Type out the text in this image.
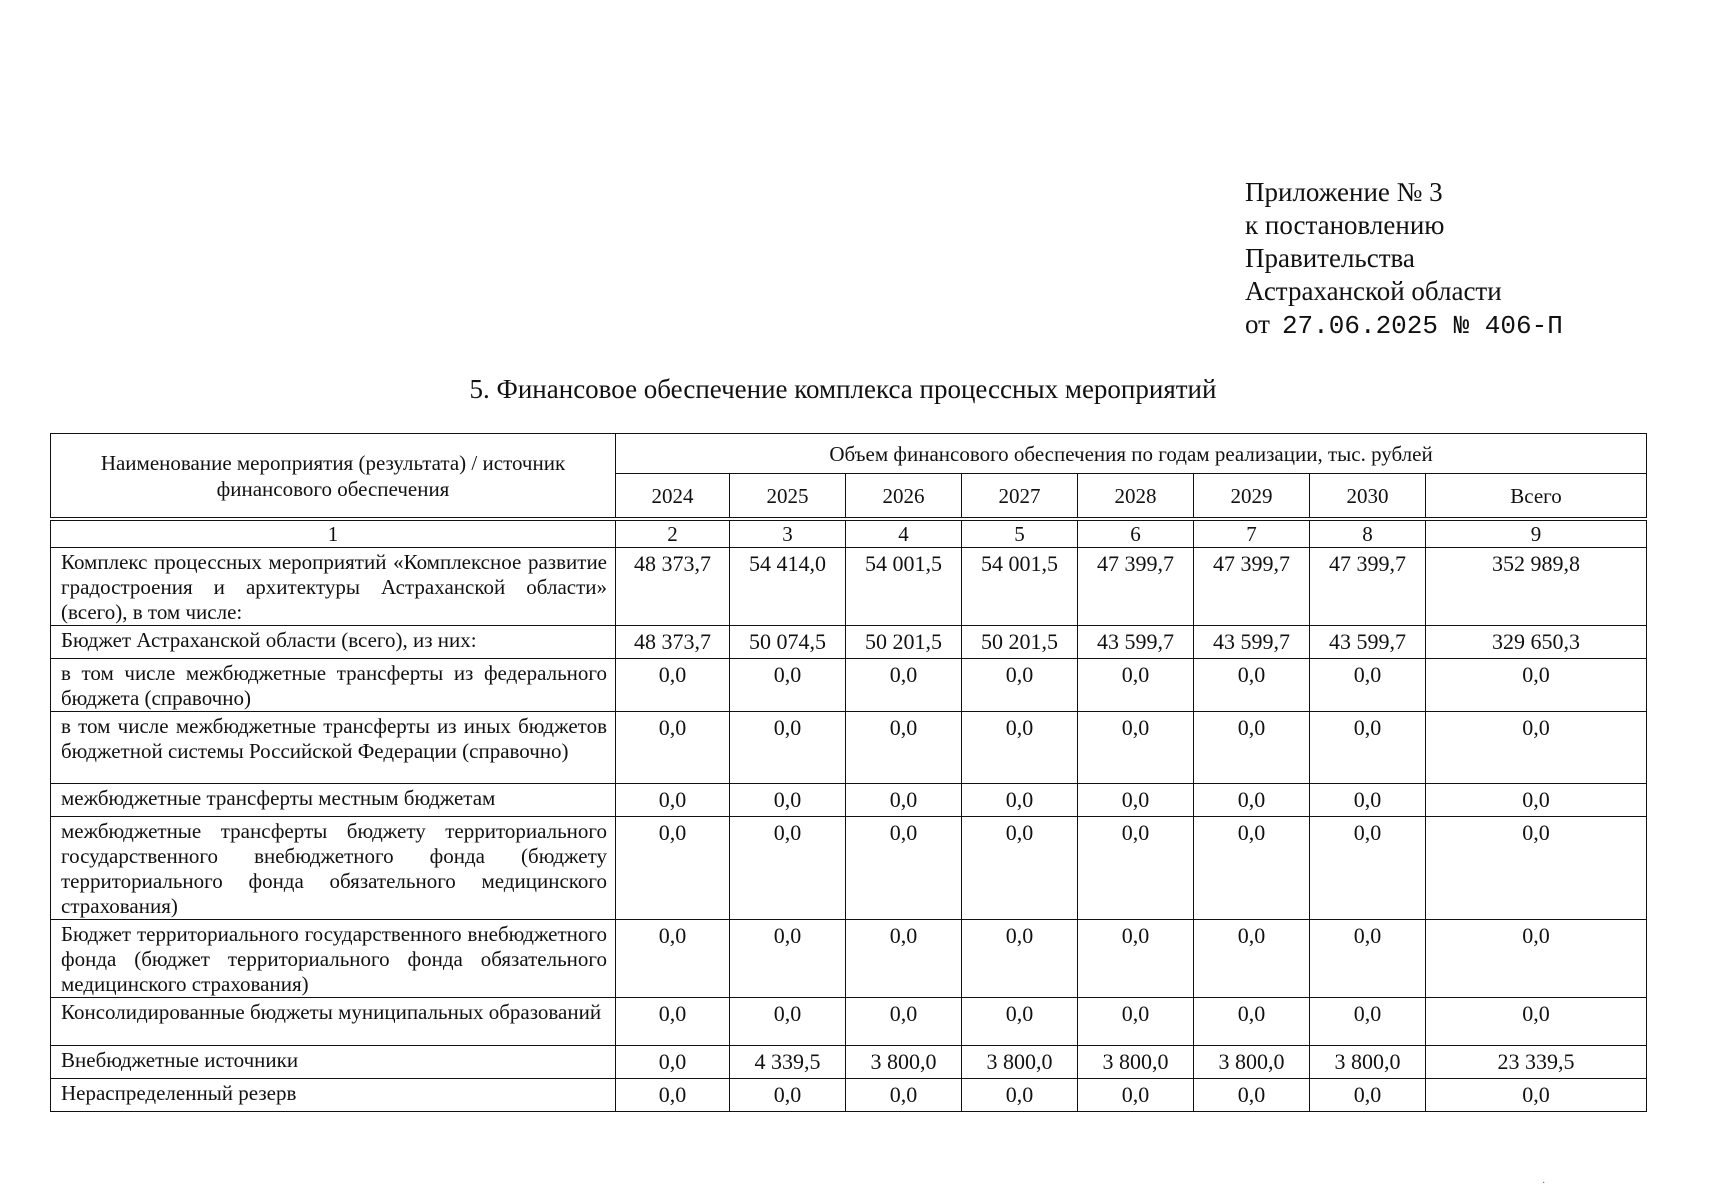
Приложение № 3
к постановлению
Правительства
Астраханской области
от 27.06.2025 № 406-П
5. Финансовое обеспечение комплекса процессных мероприятий
Наименование мероприятия (результата) / источник финансового обеспечения	Объем финансового обеспечения по годам реализации, тыс. рублей							
	2024	2025	2026	2027	2028	2029	2030	Всего

1	2	3	4	5	6	7	8	9
Комплекс процессных мероприятий «Комплексное развитие градостроения и архитектуры Астраханской области» (всего), в том числе:	48 373,7	54 414,0	54 001,5	54 001,5	47 399,7	47 399,7	47 399,7	352 989,8
Бюджет Астраханской области (всего), из них:	48 373,7	50 074,5	50 201,5	50 201,5	43 599,7	43 599,7	43 599,7	329 650,3
в том числе межбюджетные трансферты из федерального бюджета (справочно)	0,0	0,0	0,0	0,0	0,0	0,0	0,0	0,0
в том числе межбюджетные трансферты из иных бюджетов бюджетной системы Российской Федерации (справочно)	0,0	0,0	0,0	0,0	0,0	0,0	0,0	0,0
межбюджетные трансферты местным бюджетам	0,0	0,0	0,0	0,0	0,0	0,0	0,0	0,0
межбюджетные трансферты бюджету территориального государственного внебюджетного фонда (бюджету территориального фонда обязательного медицинского страхования)	0,0	0,0	0,0	0,0	0,0	0,0	0,0	0,0
Бюджет территориального государственного внебюджетного фонда (бюджет территориального фонда обязательного медицинского страхования)	0,0	0,0	0,0	0,0	0,0	0,0	0,0	0,0
Консолидированные бюджеты муниципальных образований	0,0	0,0	0,0	0,0	0,0	0,0	0,0	0,0
Внебюджетные источники	0,0	4 339,5	3 800,0	3 800,0	3 800,0	3 800,0	3 800,0	23 339,5
Нераспределенный резерв	0,0	0,0	0,0	0,0	0,0	0,0	0,0	0,0
·
